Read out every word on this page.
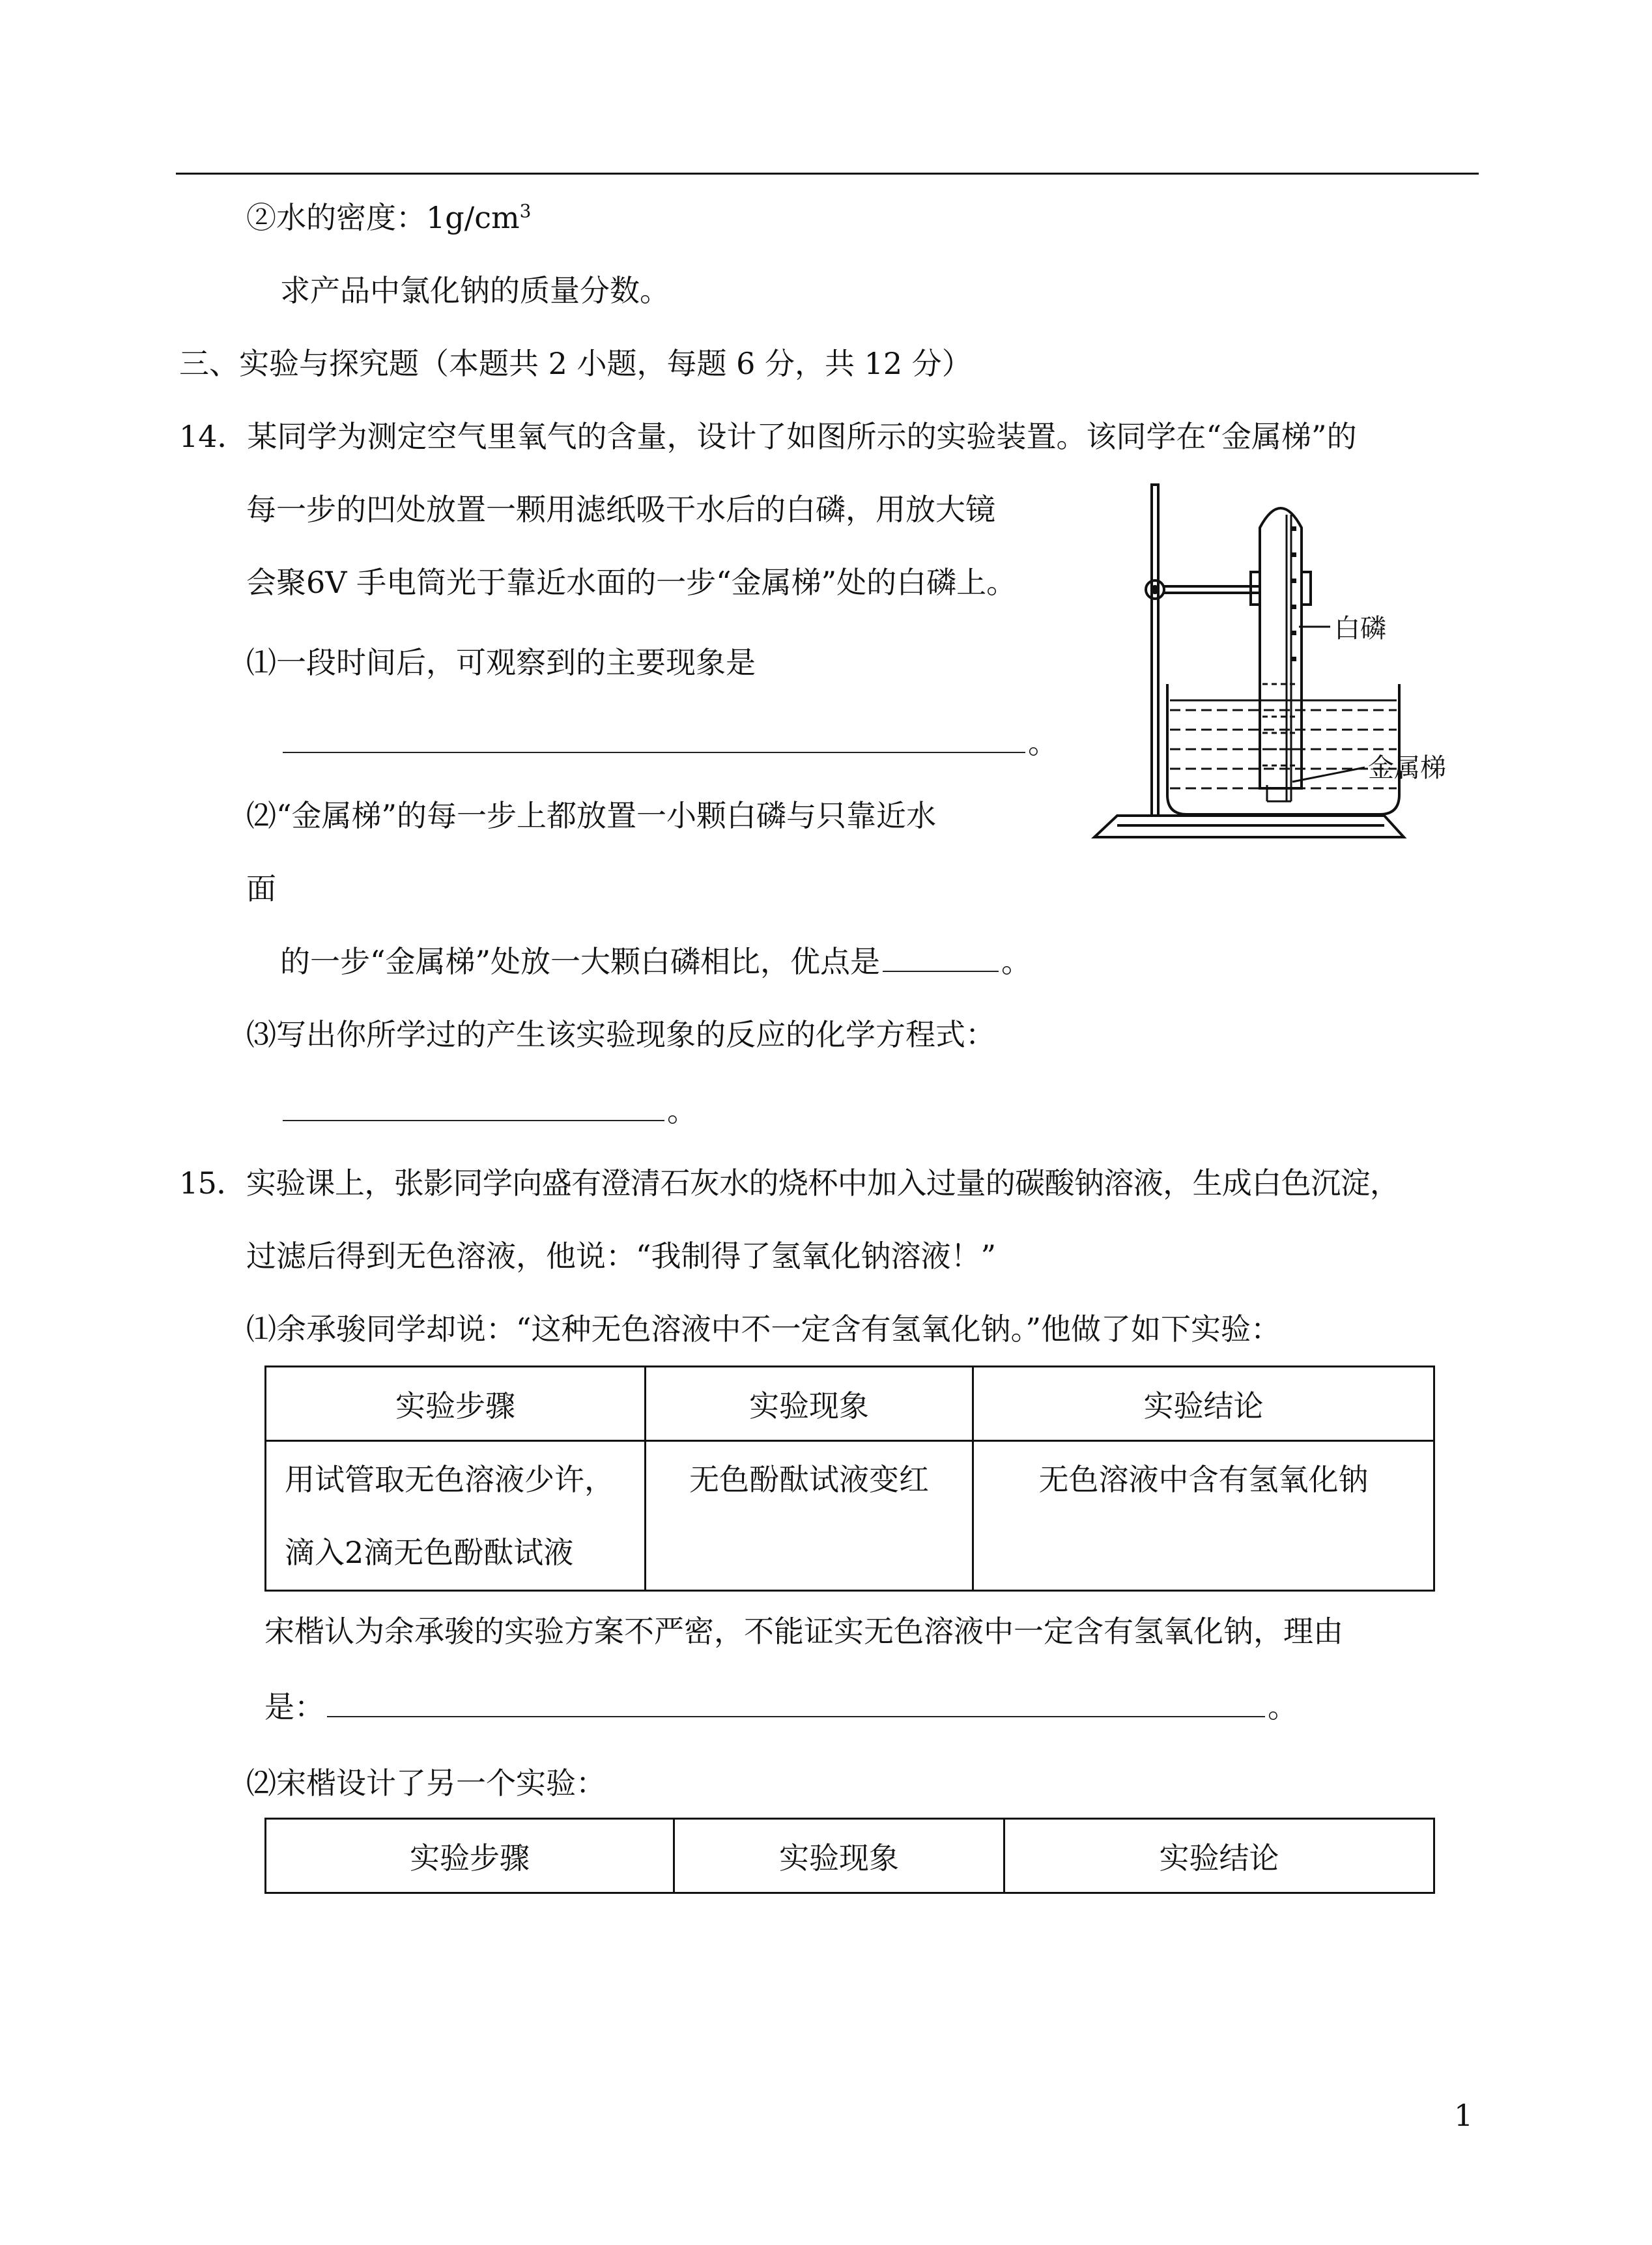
②水的密度：$1g/cm^3$
求产品中氯化钠的质量分数。
三、实验与探究题（本题共 2 小题，每题 6 分，共 12 分）
14．某同学为测定空气里氧气的含量，设计了如图所示的实验装置。该同学在“金属梯”的
每一步的凹处放置一颗用滤纸吸干水后的白磷，用放大镜
会聚6V 手电筒光于靠近水面的一步“金属梯”处的白磷上。
⑴一段时间后，可观察到的主要现象是
。
⑵“金属梯”的每一步上都放置一小颗白磷与只靠近水
面
的一步“金属梯”处放一大颗白磷相比，优点是	。
⑶写出你所学过的产生该实验现象的反应的化学方程式：
。
15．实验课上，张影同学向盛有澄清石灰水的烧杯中加入过量的碳酸钠溶液，生成白色沉淀，
过滤后得到无色溶液，他说：“我制得了氢氧化钠溶液！”
⑴余承骏同学却说：“这种无色溶液中不一定含有氢氧化钠。”他做了如下实验：
实验步骤	实验现象	实验结论

用试管取无色溶液少许，
滴入2滴无色酚酞试液	无色酚酞试液变红	无色溶液中含有氢氧化钠
宋楷认为余承骏的实验方案不严密，不能证实无色溶液中一定含有氢氧化钠，理由
是：	。
⑵宋楷设计了另一个实验：
实验步骤	实验现象	实验结论
白磷
金属梯
1
